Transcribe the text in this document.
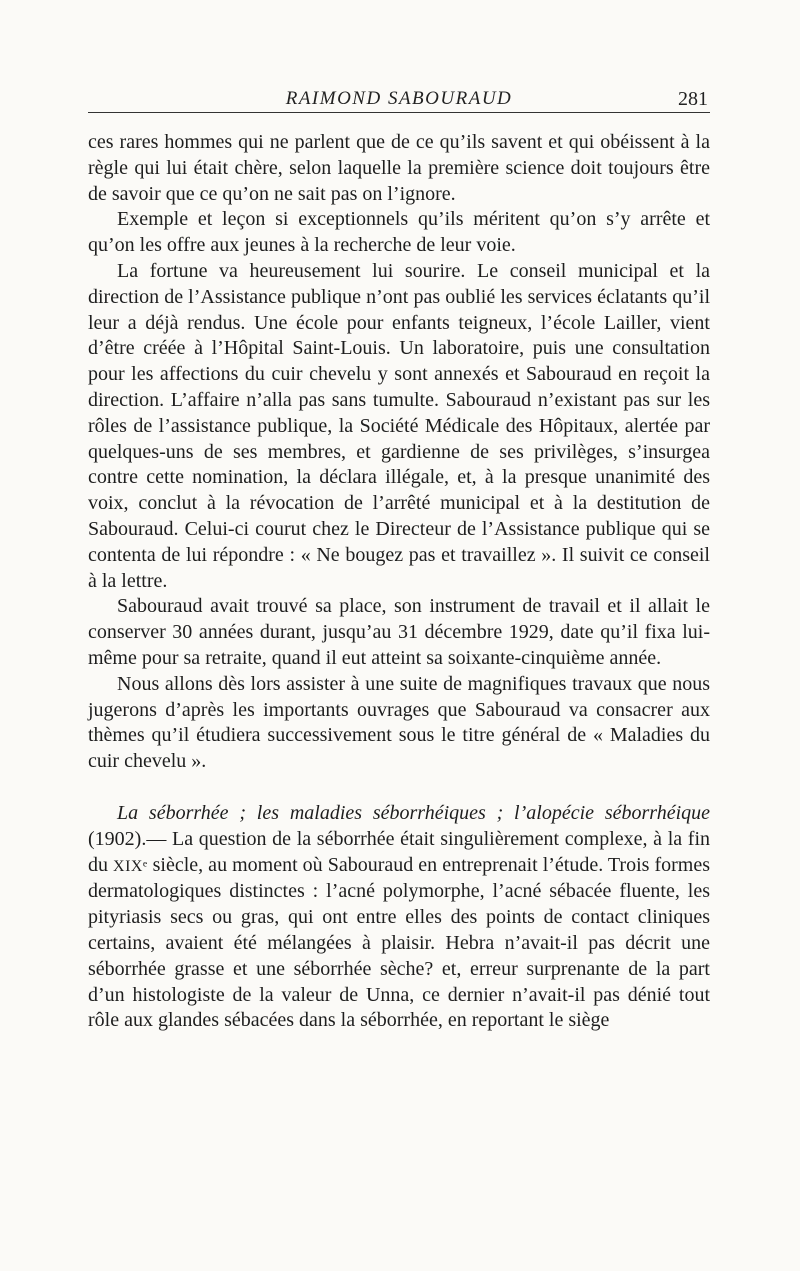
RAIMOND SABOURAUD	281

ces rares hommes qui ne parlent que de ce qu’ils savent et qui obéissent à la règle qui lui était chère, selon laquelle la première science doit toujours être de savoir que ce qu’on ne sait pas on l’ignore.

Exemple et leçon si exceptionnels qu’ils méritent qu’on s’y arrête et qu’on les offre aux jeunes à la recherche de leur voie.

La fortune va heureusement lui sourire. Le conseil municipal et la direction de l’Assistance publique n’ont pas oublié les services éclatants qu’il leur a déjà rendus. Une école pour enfants teigneux, l’école Lailler, vient d’être créée à l’Hôpital Saint-Louis. Un laboratoire, puis une consultation pour les affections du cuir chevelu y sont annexés et Sabouraud en reçoit la direction. L’affaire n’alla pas sans tumulte. Sabouraud n’existant pas sur les rôles de l’assistance publique, la Société Médicale des Hôpitaux, alertée par quelques-uns de ses membres, et gardienne de ses privilèges, s’insurgea contre cette nomination, la déclara illégale, et, à la presque unanimité des voix, conclut à la révocation de l’arrêté municipal et à la destitution de Sabouraud. Celui-ci courut chez le Directeur de l’Assistance publique qui se contenta de lui répondre : « Ne bougez pas et travaillez ». Il suivit ce conseil à la lettre.

Sabouraud avait trouvé sa place, son instrument de travail et il allait le conserver 30 années durant, jusqu’au 31 décembre 1929, date qu’il fixa lui-même pour sa retraite, quand il eut atteint sa soixante-cinquième année.

Nous allons dès lors assister à une suite de magnifiques travaux que nous jugerons d’après les importants ouvrages que Sabouraud va consacrer aux thèmes qu’il étudiera successivement sous le titre général de « Maladies du cuir chevelu ».

La séborrhée ; les maladies séborrhéiques ; l’alopécie séborrhéique (1902).— La question de la séborrhée était singulièrement complexe, à la fin du XIXᵉ siècle, au moment où Sabouraud en entreprenait l’étude. Trois formes dermatologiques distinctes : l’acné polymorphe, l’acné sébacée fluente, les pityriasis secs ou gras, qui ont entre elles des points de contact cliniques certains, avaient été mélangées à plaisir. Hebra n’avait-il pas décrit une séborrhée grasse et une séborrhée sèche? et, erreur surprenante de la part d’un histologiste de la valeur de Unna, ce dernier n’avait-il pas dénié tout rôle aux glandes sébacées dans la séborrhée, en reportant le siège
